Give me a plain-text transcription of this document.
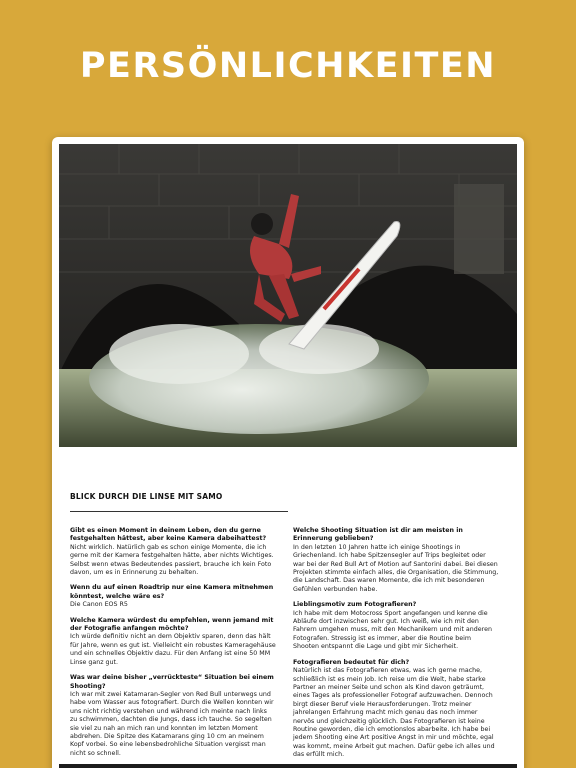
PERSÖNLICHKEITEN
BLICK DURCH DIE LINSE MIT SAMO
Gibt es einen Moment in deinem Leben, den du gerne festgehalten hättest, aber keine Kamera dabeihattest?
Nicht wirklich. Natürlich gab es schon einige Momente, die ich gerne mit der Kamera festgehalten hätte, aber nichts Wichtiges. Selbst wenn etwas Bedeutendes passiert, brauche ich kein Foto davon, um es in Erinnerung zu behalten.
Wenn du auf einen Roadtrip nur eine Kamera mitnehmen könntest, welche wäre es?
Die Canon EOS R5
Welche Kamera würdest du empfehlen, wenn jemand mit der Fotografie anfangen möchte?
Ich würde definitiv nicht an dem Objektiv sparen, denn das hält für Jahre, wenn es gut ist. Vielleicht ein robustes Kameragehäuse und ein schnelles Objektiv dazu. Für den Anfang ist eine 50 MM Linse ganz gut.
Was war deine bisher „verrückteste“ Situation bei einem Shooting?
Ich war mit zwei Katamaran-Segler von Red Bull unterwegs und habe vom Wasser aus fotografiert. Durch die Wellen konnten wir uns nicht richtig verstehen und während ich meinte nach links zu schwimmen, dachten die Jungs, dass ich tauche. So segelten sie viel zu nah an mich ran und konnten im letzten Moment abdrehen. Die Spitze des Katamarans ging 10 cm an meinem Kopf vorbei. So eine lebensbedrohliche Situation vergisst man nicht so schnell.
Welche Shooting Situation ist dir am meisten in Erinnerung geblieben?
In den letzten 10 Jahren hatte ich einige Shootings in Griechenland. Ich habe Spitzensegler auf Trips begleitet oder war bei der Red Bull Art of Motion auf Santorini dabei. Bei diesen Projekten stimmte einfach alles, die Organisation, die Stimmung, die Landschaft. Das waren Momente, die ich mit besonderen Gefühlen verbunden habe.
Lieblingsmotiv zum Fotografieren?
Ich habe mit dem Motocross Sport angefangen und kenne die Abläufe dort inzwischen sehr gut. Ich weiß, wie ich mit den Fahrern umgehen muss, mit den Mechanikern und mit anderen Fotografen. Stressig ist es immer, aber die Routine beim Shooten entspannt die Lage und gibt mir Sicherheit.
Fotografieren bedeutet für dich?
Natürlich ist das Fotografieren etwas, was ich gerne mache, schließlich ist es mein Job. Ich reise um die Welt, habe starke Partner an meiner Seite und schon als Kind davon geträumt, eines Tages als professioneller Fotograf aufzuwachen. Dennoch birgt dieser Beruf viele Herausforderungen. Trotz meiner jahrelangen Erfahrung macht mich genau das noch immer nervös und gleichzeitig glücklich. Das Fotografieren ist keine Routine geworden, die ich emotionslos abarbeite. Ich habe bei jedem Shooting eine Art positive Angst in mir und möchte, egal was kommt, meine Arbeit gut machen. Dafür gebe ich alles und das erfüllt mich.
